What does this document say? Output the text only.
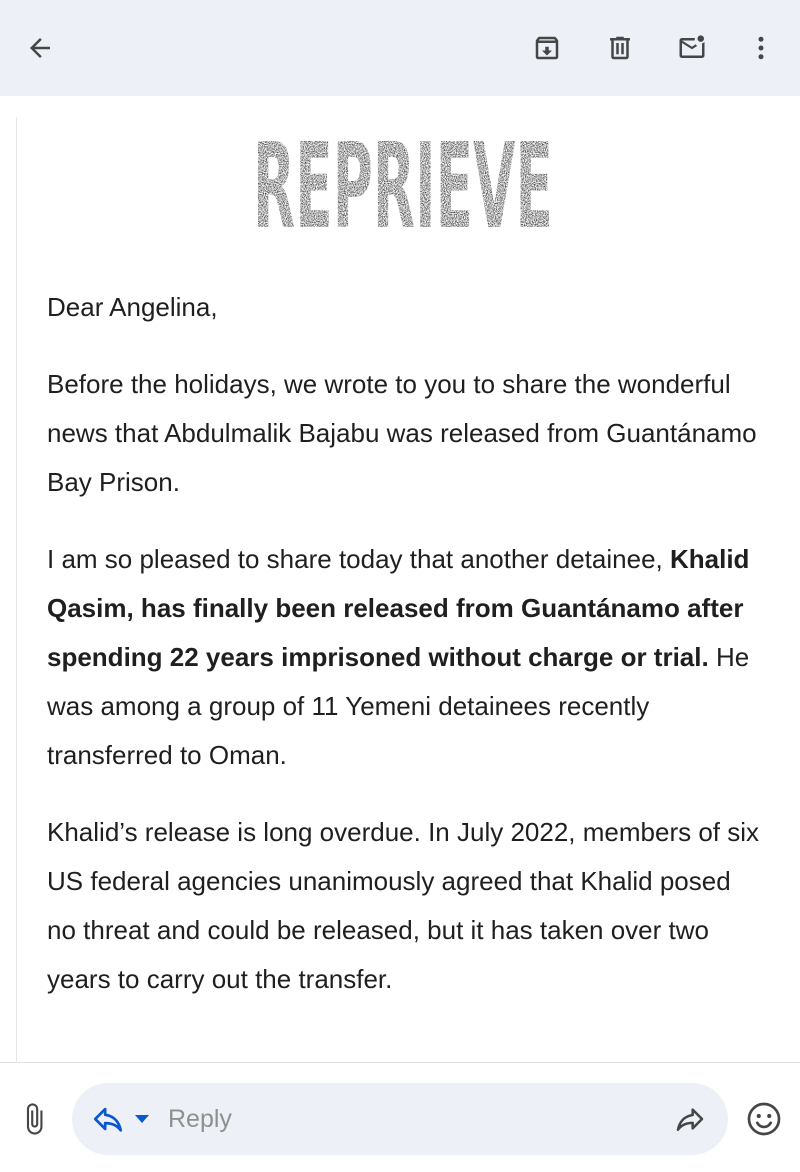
REPRIEVE

Dear Angelina,

Before the holidays, we wrote to you to share the wonderful news that Abdulmalik Bajabu was released from Guantánamo Bay Prison.

I am so pleased to share today that another detainee, Khalid Qasim, has finally been released from Guantánamo after spending 22 years imprisoned without charge or trial. He was among a group of 11 Yemeni detainees recently transferred to Oman.

Khalid’s release is long overdue. In July 2022, members of six US federal agencies unanimously agreed that Khalid posed no threat and could be released, but it has taken over two years to carry out the transfer.

Reply
